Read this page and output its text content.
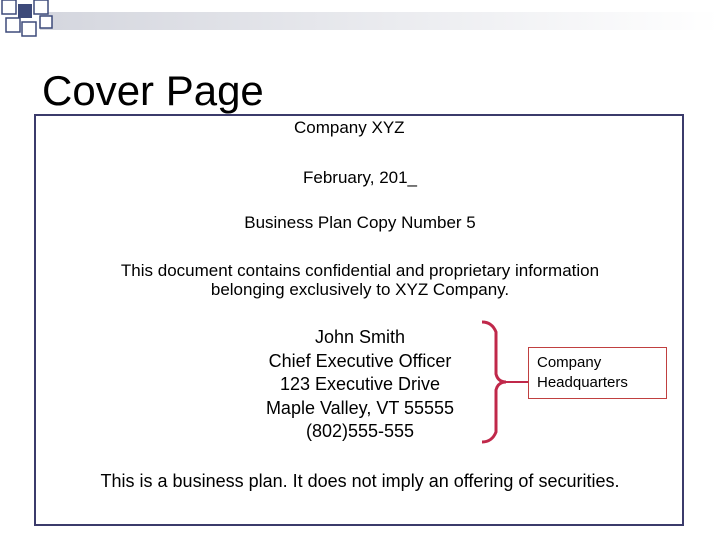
Cover Page
Company XYZ
February, 201_
Business Plan Copy Number 5
This document contains confidential and proprietary information
belonging exclusively to XYZ Company.
John Smith
Chief Executive Officer
123 Executive Drive
Maple Valley, VT 55555
(802)555-555
Company
Headquarters
This is a business plan. It does not imply an offering of securities.
